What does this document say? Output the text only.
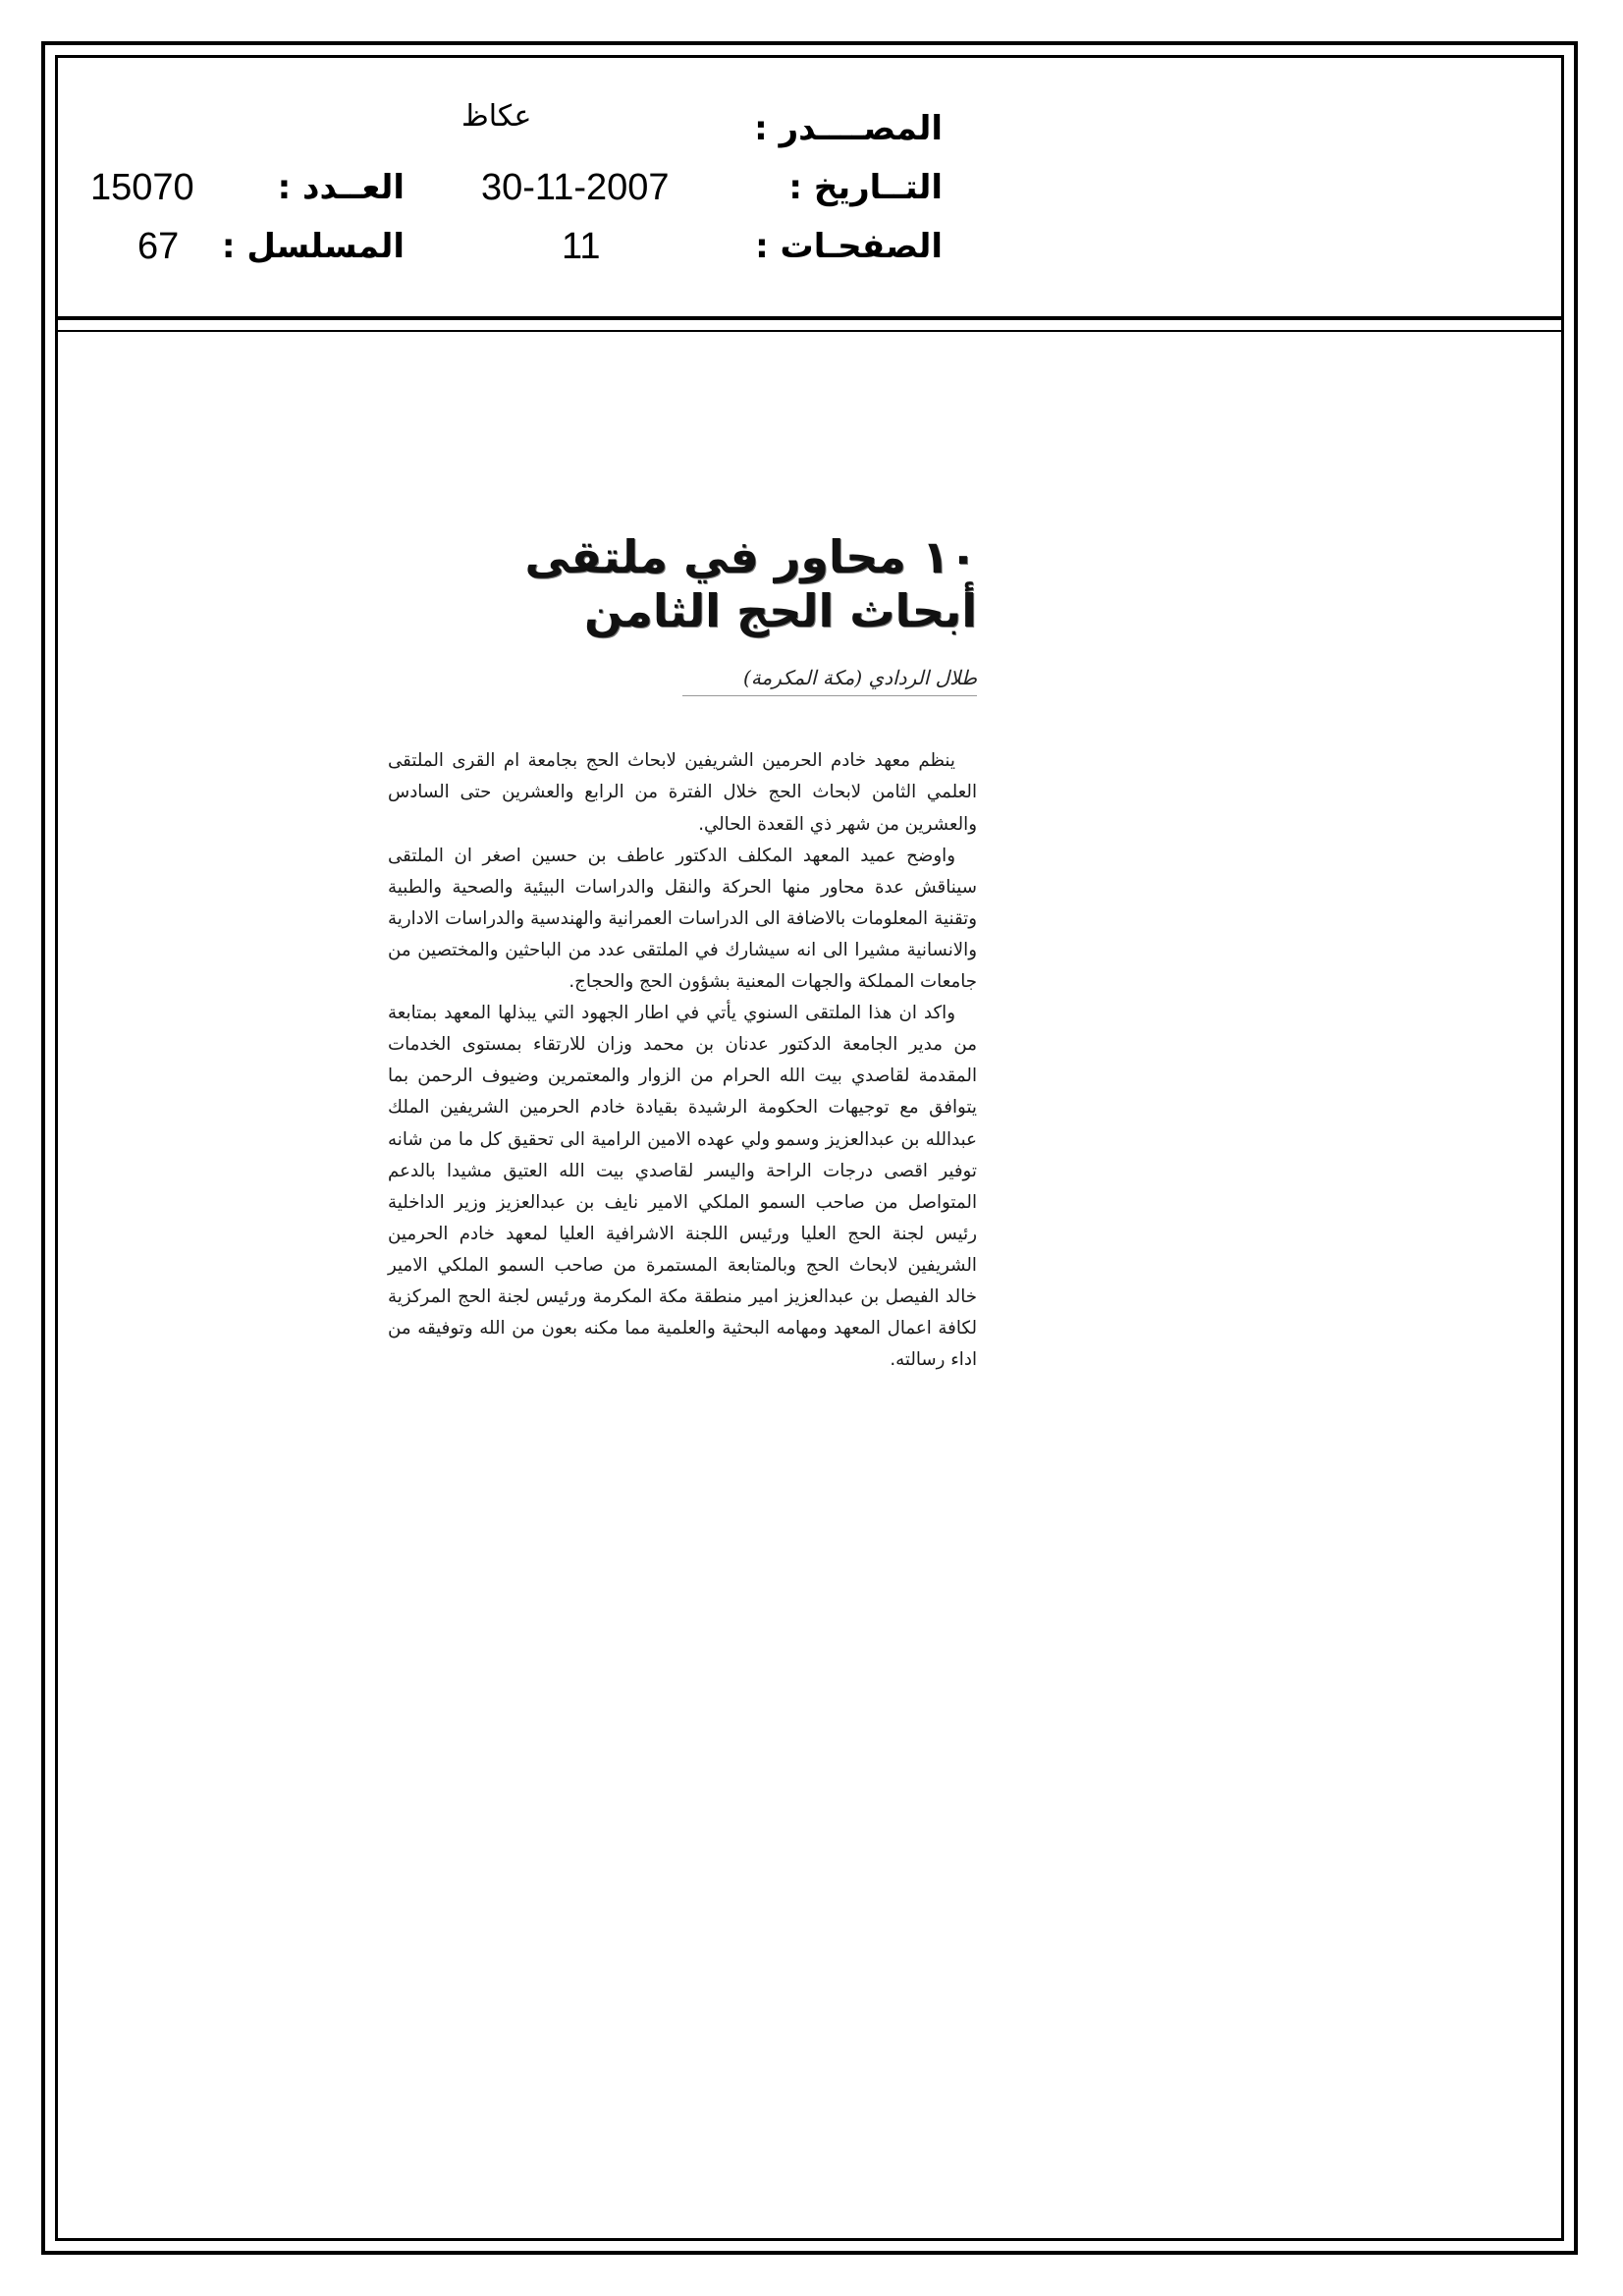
عكاظ	المصــــدر :
30-11-2007	التــاريخ :
15070	العــدد :
11	الصفحـات :
67 المسلسل :
١٠ محاور في ملتقى أبحاث الحج الثامن
طلال الردادي (مكة المكرمة)

ينظم معهد خادم الحرمين الشريفين لابحاث الحج بجامعة ام القرى الملتقى العلمي الثامن لابحاث الحج خلال الفترة من الرابع والعشرين حتى السادس والعشرين من شهر ذي القعدة الحالي.

واوضح عميد المعهد المكلف الدكتور عاطف بن حسين اصغر ان الملتقى سيناقش عدة محاور منها الحركة والنقل والدراسات البيئية والصحية والطبية وتقنية المعلومات بالاضافة الى الدراسات العمرانية والهندسية والدراسات الادارية والانسانية مشيرا الى انه سيشارك في الملتقى عدد من الباحثين والمختصين من جامعات المملكة والجهات المعنية بشؤون الحج والحجاج.

واكد ان هذا الملتقى السنوي يأتي في اطار الجهود التي يبذلها المعهد بمتابعة من مدير الجامعة الدكتور عدنان بن محمد وزان للارتقاء بمستوى الخدمات المقدمة لقاصدي بيت الله الحرام من الزوار والمعتمرين وضيوف الرحمن بما يتوافق مع توجيهات الحكومة الرشيدة بقيادة خادم الحرمين الشريفين الملك عبدالله بن عبدالعزيز وسمو ولي عهده الامين الرامية الى تحقيق كل ما من شانه توفير اقصى درجات الراحة واليسر لقاصدي بيت الله العتيق مشيدا بالدعم المتواصل من صاحب السمو الملكي الامير نايف بن عبدالعزيز وزير الداخلية رئيس لجنة الحج العليا ورئيس اللجنة الاشرافية العليا لمعهد خادم الحرمين الشريفين لابحاث الحج وبالمتابعة المستمرة من صاحب السمو الملكي الامير خالد الفيصل بن عبدالعزيز امير منطقة مكة المكرمة ورئيس لجنة الحج المركزية لكافة اعمال المعهد ومهامه البحثية والعلمية مما مكنه بعون من الله وتوفيقه من اداء رسالته.
